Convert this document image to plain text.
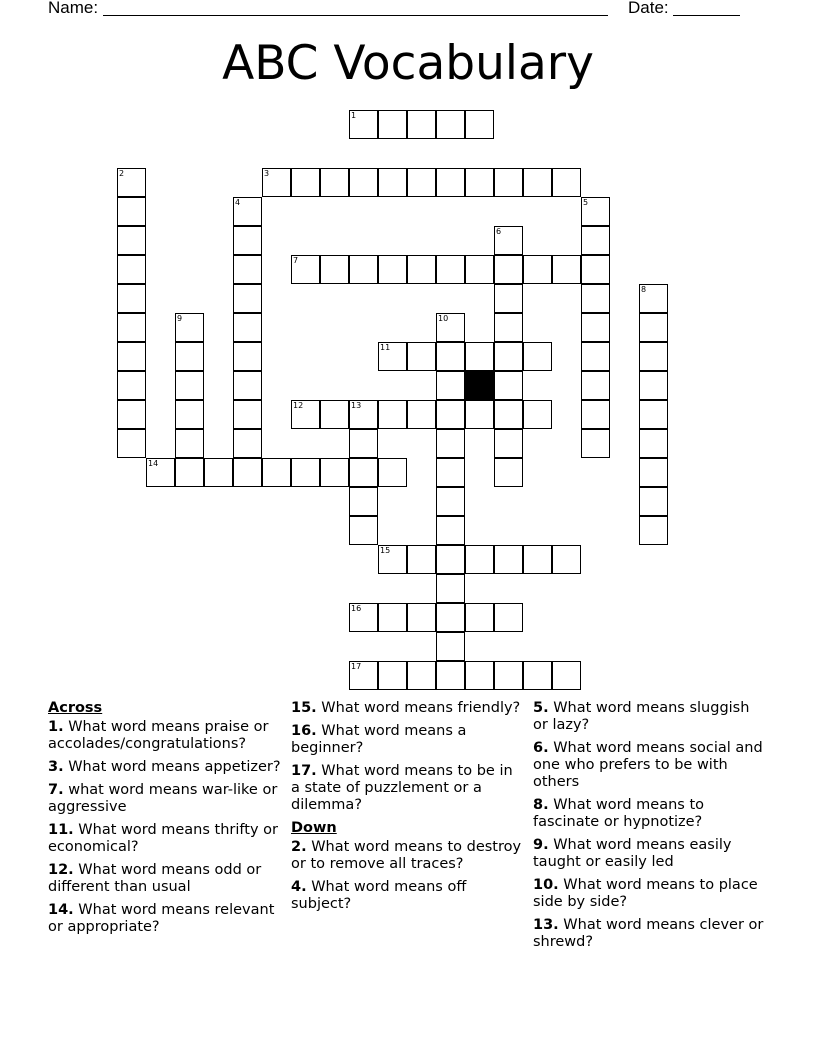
Name:	Date:
ABC Vocabulary
1
3
7
11
12	13
14
15
16
17
2
4	5
6
8
9	10
Across
1. What word means praise or accolades/congratulations?
3. What word means appetizer?
7. what word means war-like or aggressive
11. What word means thrifty or economical?
12. What word means odd or different than usual
14. What word means relevant or appropriate?
15. What word means friendly?
16. What word means a beginner?
17. What word means to be in a state of puzzlement or a dilemma?
Down
2. What word means to destroy or to remove all traces?
4. What word means off subject?
5. What word means sluggish or lazy?
6. What word means social and one who prefers to be with others
8. What word means to fascinate or hypnotize?
9. What word means easily taught or easily led
10. What word means to place side by side?
13. What word means clever or shrewd?
